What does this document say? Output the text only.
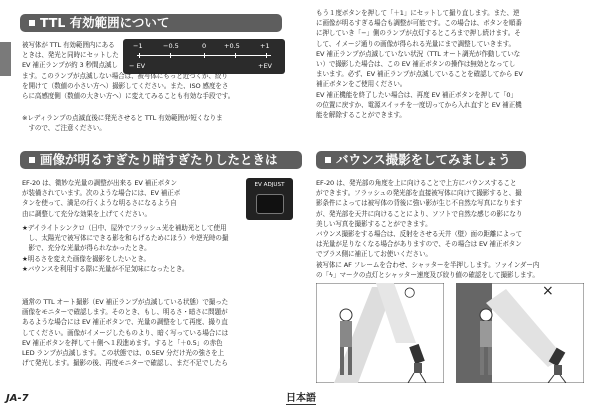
TTL 有効範囲について
−1	−0.5	0	+0.5	+1
− EV	+EV

被写体が TTL 有効範囲内にある

ときは、発光と同時にセットした

EV 補正ランプが約 3 秒間点滅し

ます。このランプが点滅しない場合は、被写体にもっと近づくか、絞り

を開けて（数値の小さい方へ）撮影してください。また、ISO 感度をさ

らに高感度側（数値の大きい方へ）に変えてみることも有効な手段です。

※レディランプの点滅直後に発光させると TTL 有効範囲が短くなりま

　すので、ご注意ください。

画像が明るすぎたり暗すぎたりしたときは

EF-20 は、微妙な光量の調整が出来る EV 補正ボタン

が装備されています。次のような場合には、EV 補正ボ

タンを使って、満足の行くような明るさになるよう自

由に調整して充分な効果を上げてください。

EV ADJUST

★デイライトシンクロ（日中、屋外でフラッシュ光を補助光として使用

　し、太陽光で被写体にできる影を和らげるためにほう）や逆光時の撮

　影で、充分な光量が得られなかったとき。

★明るさを変えた画像を撮影をしたいとき。

★バウンスを利用する際に光量が不足気味になったとき。

通常の TTL オート撮影（EV 補正ランプが点滅している状態）で撮った

画像をモニターで確認します。そのとき、もし、明るさ・暗さに問題が

あるような場合には EV 補正ボタンで、光量の調整をして再度、撮り直

してください。画像がイメージしたものより、暗く写っている場合には

EV 補正ボタンを押して＋側へ１段進めます。すると「＋0.5」の赤色

LED ランプが点滅します。この状態では、0.5EV 分だけ光の強さを上

げて発光します。撮影の後、再度モニターで確認し、まだ不足でしたら

もう１度ボタンを押して「＋1」にセットして撮り直します。また、逆

に画像が明るすぎる場合も調整が可能です。この場合は、ボタンを順番

に押していき「−」側のランプが点灯するところまで押し続けます。そ

して、イメージ通りの画像が得られる光量にまで調整していきます。

EV 補正ランプが点滅していない状況（TTL オート調光が作動していな

い）で撮影した場合は、この EV 補正ボタンの操作は無効となってし

まいます。必ず、EV 補正ランプが点滅していることを確認してから EV

補正ボタンをご使用ください。

EV 補正機能を終了したい場合は、再度 EV 補正ボタンを押して「0」

の位置に戻すか、電源スイッチを一度切ってから入れ直すと EV 補正機

能を解除することができます。

バウンス撮影をしてみましょう

EF-20 は、発光部の角度を上に向けることで上方にバウンスすること

ができます。フラッシュの発光部を直接被写体に向けて撮影すると、撮

影条件によっては被写体の背後に強い影が生じ不自然な写真になります

が、発光部を天井に向けることにより、ソフトで自然な感じの影になり

美しい写真を撮影することができます。

バウンス撮影をする場合は、反射をさせる天井（壁）面の距離によって

は光量が足りなくなる場合がありますので、その場合は EV 補正ボタン

でプラス側に補正してお使いください。

被写体に AF フレームを合わせ、シャッターを半押しします。ファインダー内

の「ϟ」マークの点灯とシャッター速度及び絞り値の確認をして撮影します。

○	×
JA-7	日本語
